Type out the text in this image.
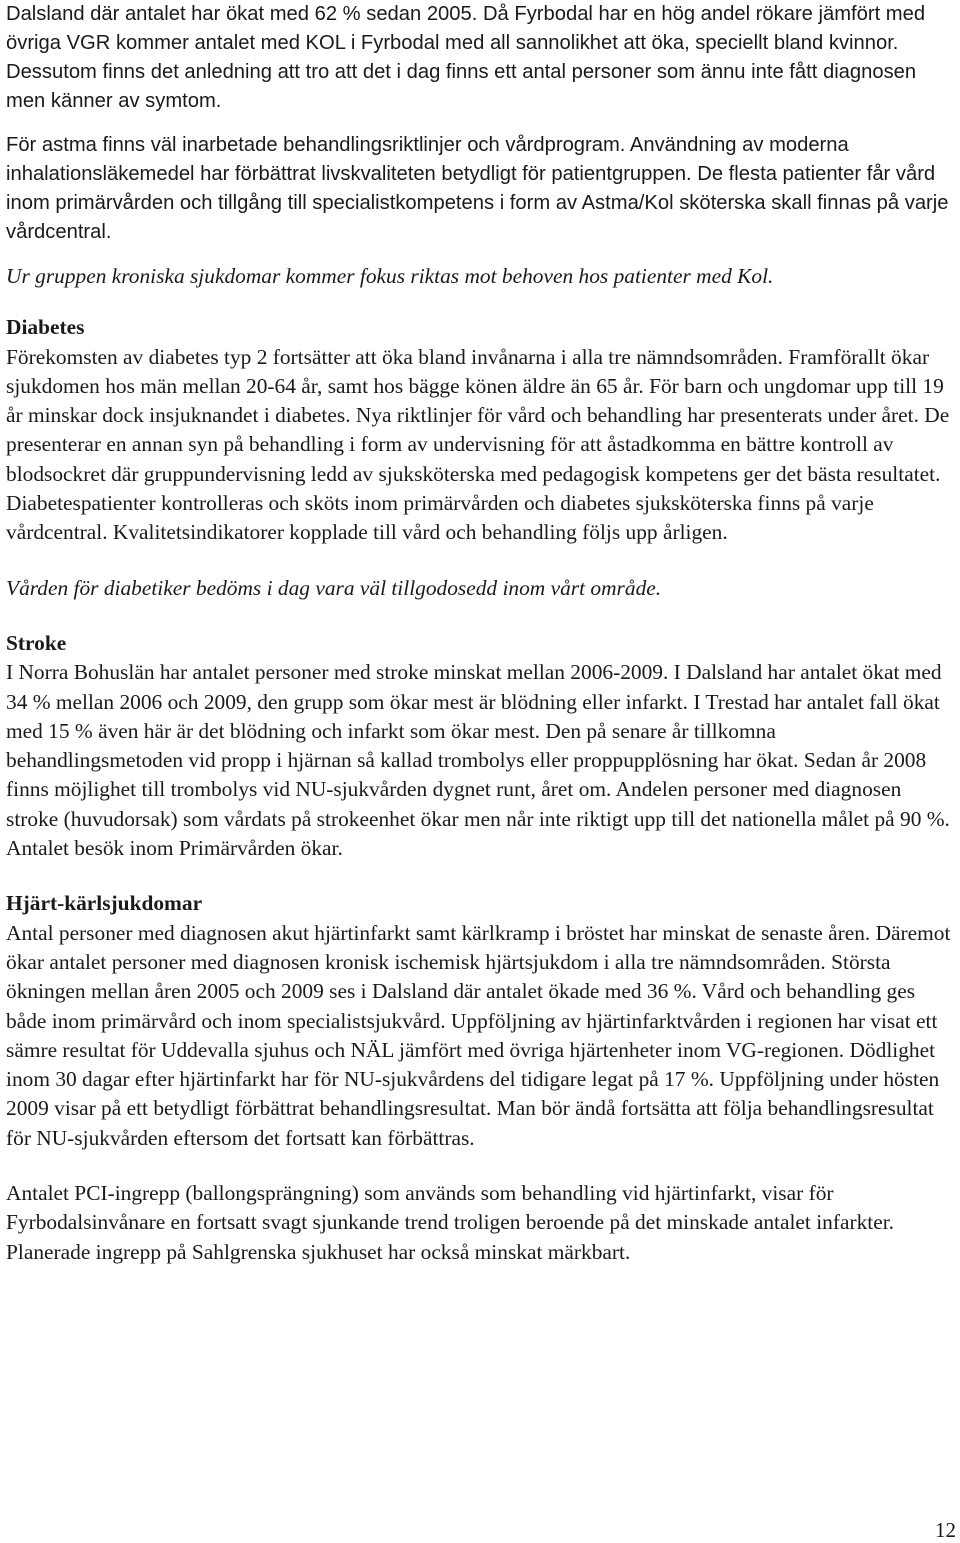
Dalsland där antalet har ökat med 62 % sedan 2005. Då Fyrbodal har en hög andel rökare jämfört med övriga VGR kommer antalet med KOL i Fyrbodal med all sannolikhet att öka, speciellt bland kvinnor. Dessutom finns det anledning att tro att det i dag finns ett antal personer som ännu inte fått diagnosen men känner av symtom.

För astma finns väl inarbetade behandlingsriktlinjer och vårdprogram. Användning av moderna inhalationsläkemedel har förbättrat livskvaliteten betydligt för patientgruppen. De flesta patienter får vård inom primärvården och tillgång till specialistkompetens i form av Astma/Kol sköterska skall finnas på varje vårdcentral.

Ur gruppen kroniska sjukdomar kommer fokus riktas mot behoven hos patienter med Kol.

Diabetes

Förekomsten av diabetes typ 2 fortsätter att öka bland invånarna i alla tre nämndsområden. Framförallt ökar sjukdomen hos män mellan 20-64 år, samt hos bägge könen äldre än 65 år. För barn och ungdomar upp till 19 år minskar dock insjuknandet i diabetes. Nya riktlinjer för vård och behandling har presenterats under året. De presenterar en annan syn på behandling i form av undervisning för att åstadkomma en bättre kontroll av blodsockret där gruppundervisning ledd av sjuksköterska med pedagogisk kompetens ger det bästa resultatet. Diabetespatienter kontrolleras och sköts inom primärvården och diabetes sjuksköterska finns på varje vårdcentral. Kvalitetsindikatorer kopplade till vård och behandling följs upp årligen.

Vården för diabetiker bedöms i dag vara väl tillgodosedd inom vårt område.

Stroke

I Norra Bohuslän har antalet personer med stroke minskat mellan 2006-2009. I Dalsland har antalet ökat med 34 % mellan 2006 och 2009, den grupp som ökar mest är blödning eller infarkt. I Trestad har antalet fall ökat med 15 % även här är det blödning och infarkt som ökar mest. Den på senare år tillkomna behandlingsmetoden vid propp i hjärnan så kallad trombolys eller proppupplösning har ökat. Sedan år 2008 finns möjlighet till trombolys vid NU-sjukvården dygnet runt, året om. Andelen personer med diagnosen stroke (huvudorsak) som vårdats på strokeenhet ökar men når inte riktigt upp till det nationella målet på 90 %. Antalet besök inom Primärvården ökar.

Hjärt-kärlsjukdomar

Antal personer med diagnosen akut hjärtinfarkt samt kärlkramp i bröstet har minskat de senaste åren. Däremot ökar antalet personer med diagnosen kronisk ischemisk hjärtsjukdom i alla tre nämndsområden. Största ökningen mellan åren 2005 och 2009 ses i Dalsland där antalet ökade med 36 %. Vård och behandling ges både inom primärvård och inom specialistsjukvård. Uppföljning av hjärtinfarktvården i regionen har visat ett sämre resultat för Uddevalla sjuhus och NÄL jämfört med övriga hjärtenheter inom VG-regionen. Dödlighet inom 30 dagar efter hjärtinfarkt har för NU-sjukvårdens del tidigare legat på 17 %. Uppföljning under hösten 2009 visar på ett betydligt förbättrat behandlingsresultat. Man bör ändå fortsätta att följa behandlingsresultat för NU-sjukvården eftersom det fortsatt kan förbättras.

Antalet PCI-ingrepp (ballongsprängning) som används som behandling vid hjärtinfarkt, visar för Fyrbodalsinvånare en fortsatt svagt sjunkande trend troligen beroende på det minskade antalet infarkter. Planerade ingrepp på Sahlgrenska sjukhuset har också minskat märkbart.

12
